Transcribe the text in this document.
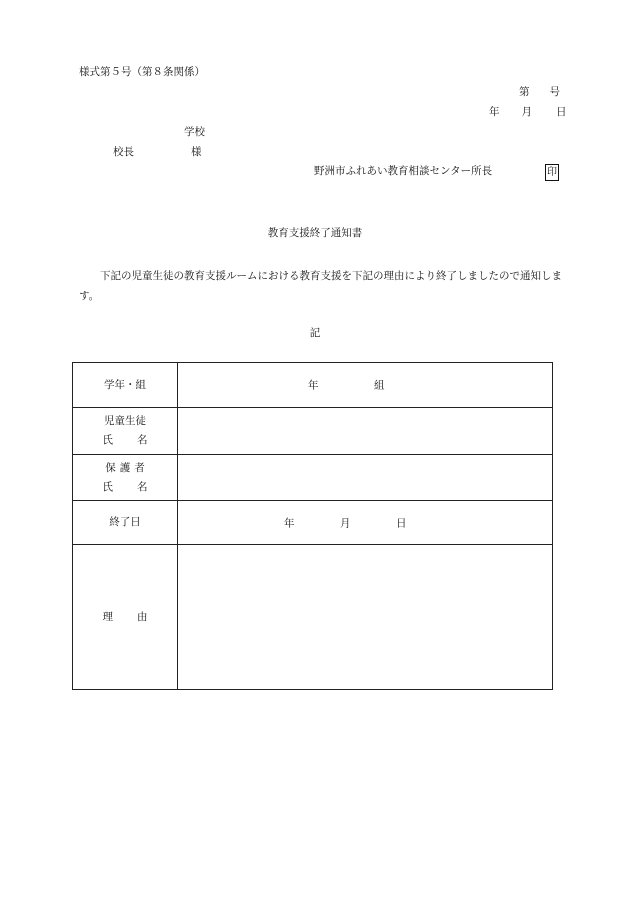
様式第５号（第８条関係）
第 号
年 月 日
学校
校長	様
野洲市ふれあい教育相談センター所長	印
教育支援終了通知書
下記の児童生徒の教育支援ルームにおける教育支援を下記の理由により終了しましたので通知します。
記
学年・組	年 組

児童生徒
氏 名	

保 護 者
氏 名	

終了日	年 月 日

理 由	
